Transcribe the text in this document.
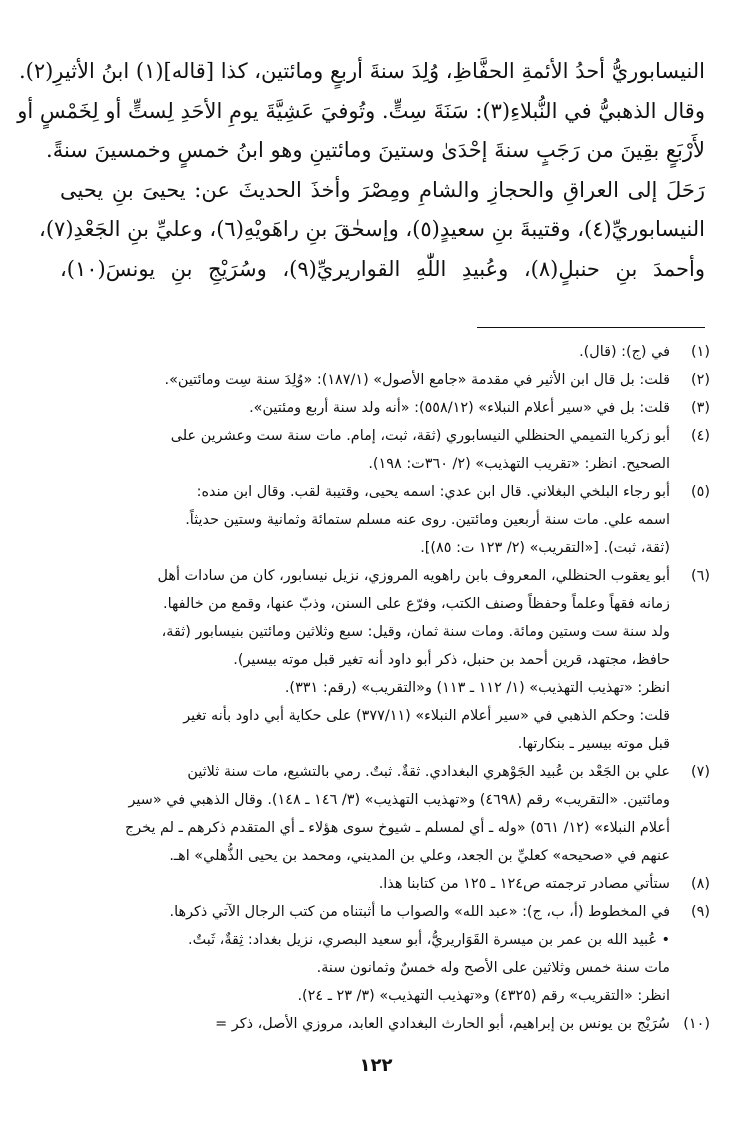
النيسابوريُّ أحدُ الأئمةِ الحفَّاظِ، وُلِدَ سنةَ أربعٍ ومائتين، كذا [قاله](١) ابنُ الأثيرِ(٢).
وقال الذهبيُّ في النُّبلاءِ(٣): سَنَةَ سِتٍّ. وتُوفيَ عَشِيَّةَ يومِ الأحَدِ لِستٍّ أو لِخَمْسٍ أو
لأَرْبَعٍ بقِينَ من رَجَبٍ سنةَ إحْدَىٰ وستينَ ومائتينِ وهو ابنُ خمسٍ وخمسينَ سنةً.
رَحَلَ إلى العراقِ والحجازِ والشامِ ومِصْرَ وأخذَ الحديثَ عن: يحيىَ بنِ يحيى
النيسابوريِّ(٤)، وقتيبةَ بنِ سعيدٍ(٥)، وإسحٰقَ بنِ راهَويْهِ(٦)، وعليِّ بنِ الجَعْدِ(٧)،
وأحمدَ بنِ حنبلٍ(٨)، وعُبيدِ اللّٰهِ القواريريِّ(٩)، وسُرَيْجِ بنِ يونسَ(١٠)،
(١)
في (ج): (قال).
(٢)
قلت: بل قال ابن الأثير في مقدمة «جامع الأصول» (١٨٧/١): «وُلِدَ سنة سِت ومائتين».
(٣)
قلت: بل في «سير أعلام النبلاء» (٥٥٨/١٢): «أنه ولد سنة أربع ومئتين».
(٤)
أبو زكريا التميمي الحنظلي النيسابوري (ثقة، ثبت، إمام. مات سنة ست وعشرين على
الصحيح. انظر: «تقريب التهذيب» (٢/ ٣٦٠ت: ١٩٨).
(٥)
أبو رجاء البلخي البغلاني. قال ابن عدي: اسمه يحيى، وقتيبة لقب. وقال ابن منده:
اسمه علي. مات سنة أربعين ومائتين. روى عنه مسلم ستمائة وثمانية وستين حديثاً.
(ثقة، ثبت). [«التقريب» (٢/ ١٢٣ ت: ٨٥)].
(٦)
أبو يعقوب الحنظلي، المعروف بابن راهويه المروزي، نزيل نيسابور، كان من سادات أهل
زمانه فقهاً وعلماً وحفظاً وصنف الكتب، وفرّع على السنن، وذبّ عنها، وقمع من خالفها.
ولد سنة ست وستين ومائة. ومات سنة ثمان، وقيل: سبع وثلاثين ومائتين بنيسابور (ثقة،
حافظ، مجتهد، قرين أحمد بن حنبل، ذكر أبو داود أنه تغير قبل موته بيسير).
انظر: «تهذيب التهذيب» (١/ ١١٢ ـ ١١٣) و«التقريب» (رقم: ٣٣١).
قلت: وحكم الذهبي في «سير أعلام النبلاء» (٣٧٧/١١) على حكاية أبي داود بأنه تغير
قبل موته بيسير ـ بنكارتها.
(٧)
علي بن الجَعْد بن عُبيد الجَوْهري البغدادي. ثقةٌ. ثبتٌ. رمي بالتشيع، مات سنة ثلاثين
ومائتين. «التقريب» رقم (٤٦٩٨) و«تهذيب التهذيب» (٣/ ١٤٦ ـ ١٤٨). وقال الذهبي في «سير
أعلام النبلاء» (١٢/ ٥٦١) «وله ـ أي لمسلم ـ شيوخ سوى هؤلاء ـ أي المتقدم ذكرهم ـ لم يخرج
عنهم في «صحيحه» كعليِّ بن الجعد، وعلي بن المديني، ومحمد بن يحيى الذُّهلي» اهـ.
(٨)
ستأتي مصادر ترجمته ص١٢٤ ـ ١٢٥ من كتابنا هذا.
(٩)
في المخطوط (أ، ب، ج): «عبد الله» والصواب ما أثبتناه من كتب الرجال الآتي ذكرها.
• عُبيد الله بن عمر بن ميسرة القَوَاريريُّ، أبو سعيد البصري، نزيل بغداد: ثِقةٌ، ثَبتٌ.
مات سنة خمس وثلاثين على الأصح وله خمسٌ وثمانون سنة.
انظر: «التقريب» رقم (٤٣٢٥) و«تهذيب التهذيب» (٣/ ٢٣ ـ ٢٤).
(١٠)
سُرَيْج بن يونس بن إبراهيم، أبو الحارث البغدادي العابد، مروزي الأصل، ذكر =
١٢٢
